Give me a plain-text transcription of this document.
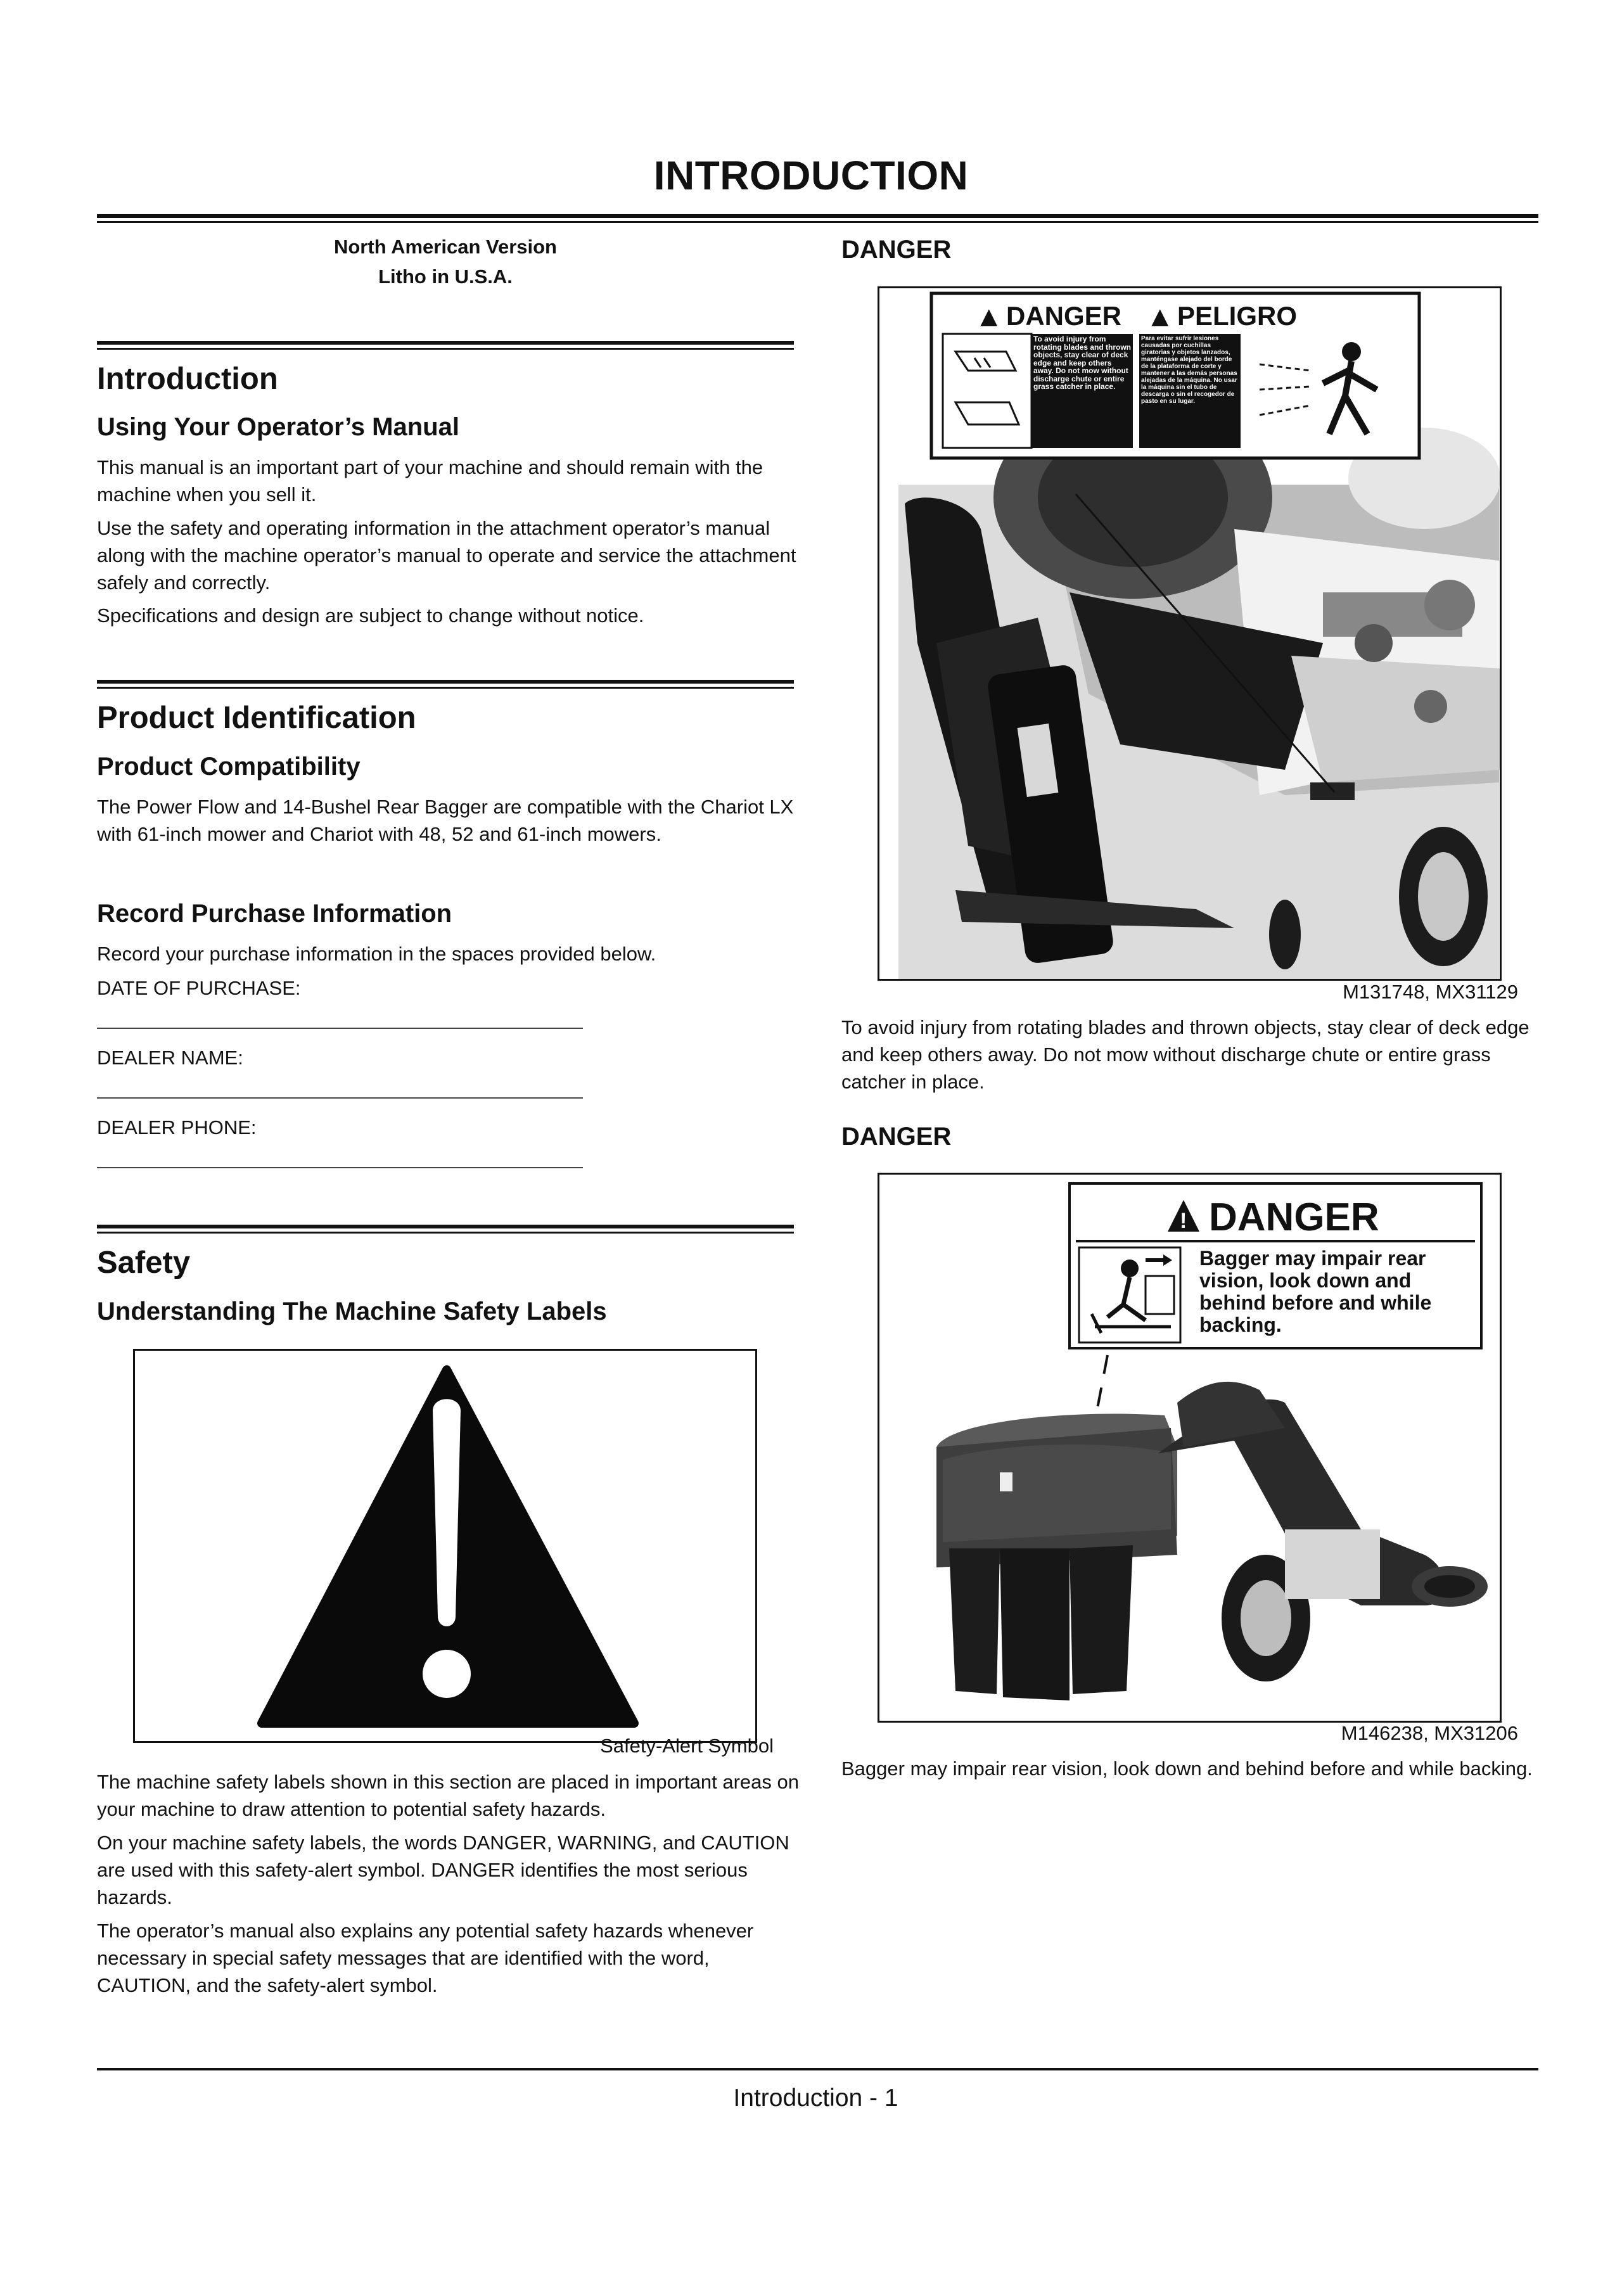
INTRODUCTION
North American Version
Litho in U.S.A.
Introduction
Using Your Operator’s Manual
This manual is an important part of your machine and should remain with the machine when you sell it.
Use the safety and operating information in the attachment operator’s manual along with the machine operator’s manual to operate and service the attachment safely and correctly.
Specifications and design are subject to change without notice.
Product Identification
Product Compatibility
The Power Flow and 14-Bushel Rear Bagger are compatible with the Chariot LX with 61-inch mower and Chariot with 48, 52 and 61-inch mowers.
Record Purchase Information
Record your purchase information in the spaces provided below.
DATE OF PURCHASE:
DEALER NAME:
DEALER PHONE:
Safety
Understanding The Machine Safety Labels
Safety-Alert Symbol
The machine safety labels shown in this section are placed in important areas on your machine to draw attention to potential safety hazards.
On your machine safety labels, the words DANGER, WARNING, and CAUTION are used with this safety-alert symbol. DANGER identifies the most serious hazards.
The operator’s manual also explains any potential safety hazards whenever necessary in special safety messages that are identified with the word, CAUTION, and the safety-alert symbol.
DANGER
▲ DANGER ▲ PELIGRO
To avoid injury from rotating blades and thrown objects, stay clear of deck edge and keep others away. Do not mow without discharge chute or entire grass catcher in place.
Para evitar sufrir lesiones causadas por cuchillas giratorias y objetos lanzados, manténgase alejado del borde de la plataforma de corte y mantener a las demás personas alejadas de la máquina. No usar la máquina sin el tubo de descarga o sin el recogedor de pasto en su lugar.
M131748, MX31129
To avoid injury from rotating blades and thrown objects, stay clear of deck edge and keep others away. Do not mow without discharge chute or entire grass catcher in place.
DANGER
! DANGER
Bagger may impair rear vision, look down and behind before and while backing.
M146238, MX31206
Bagger may impair rear vision, look down and behind before and while backing.
Introduction - 1
